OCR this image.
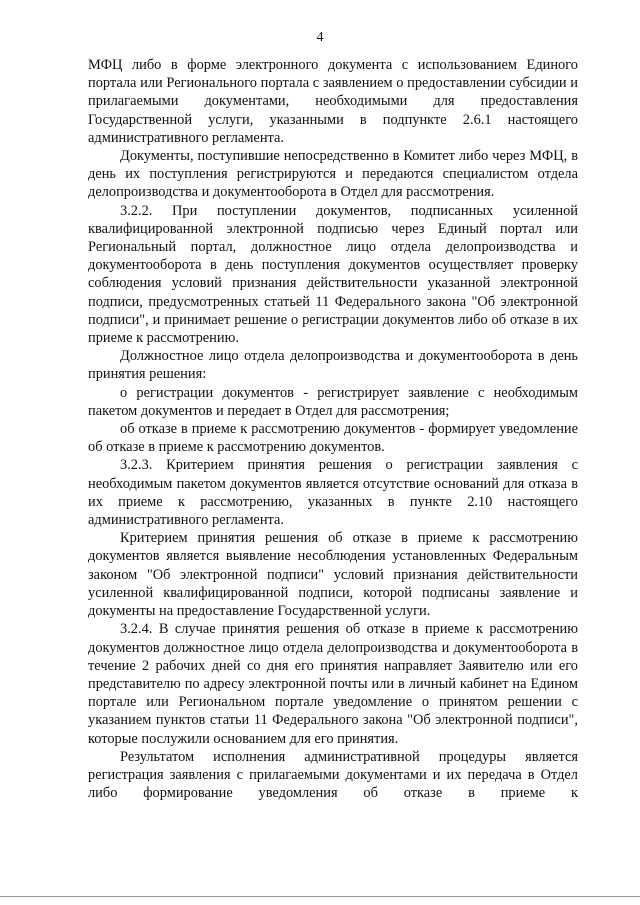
4

МФЦ либо в форме электронного документа с использованием Единого портала или Регионального портала с заявлением о предоставлении субсидии и прилагаемыми документами, необходимыми для предоставления Государственной услуги, указанными в подпункте 2.6.1 настоящего административного регламента.

Документы, поступившие непосредственно в Комитет либо через МФЦ, в день их поступления регистрируются и передаются специалистом отдела делопроизводства и документооборота в Отдел для рассмотрения.

3.2.2. При поступлении документов, подписанных усиленной квалифицированной электронной подписью через Единый портал или Региональный портал, должностное лицо отдела делопроизводства и документооборота в день поступления документов осуществляет проверку соблюдения условий признания действительности указанной электронной подписи, предусмотренных статьей 11 Федерального закона "Об электронной подписи", и принимает решение о регистрации документов либо об отказе в их приеме к рассмотрению.

Должностное лицо отдела делопроизводства и документооборота в день принятия решения:

о регистрации документов - регистрирует заявление с необходимым пакетом документов и передает в Отдел для рассмотрения;

об отказе в приеме к рассмотрению документов - формирует уведомление об отказе в приеме к рассмотрению документов.

3.2.3. Критерием принятия решения о регистрации заявления с необходимым пакетом документов является отсутствие оснований для отказа в их приеме к рассмотрению, указанных в пункте 2.10 настоящего административного регламента.

Критерием принятия решения об отказе в приеме к рассмотрению документов является выявление несоблюдения установленных Федеральным законом "Об электронной подписи" условий признания действительности усиленной квалифицированной подписи, которой подписаны заявление и документы на предоставление Государственной услуги.

3.2.4. В случае принятия решения об отказе в приеме к рассмотрению документов должностное лицо отдела делопроизводства и документооборота в течение 2 рабочих дней со дня его принятия направляет Заявителю или его представителю по адресу электронной почты или в личный кабинет на Едином портале или Региональном портале уведомление о принятом решении с указанием пунктов статьи 11 Федерального закона "Об электронной подписи", которые послужили основанием для его принятия.

Результатом исполнения административной процедуры является регистрация заявления с прилагаемыми документами и их передача в Отдел либо формирование уведомления об отказе в приеме к
